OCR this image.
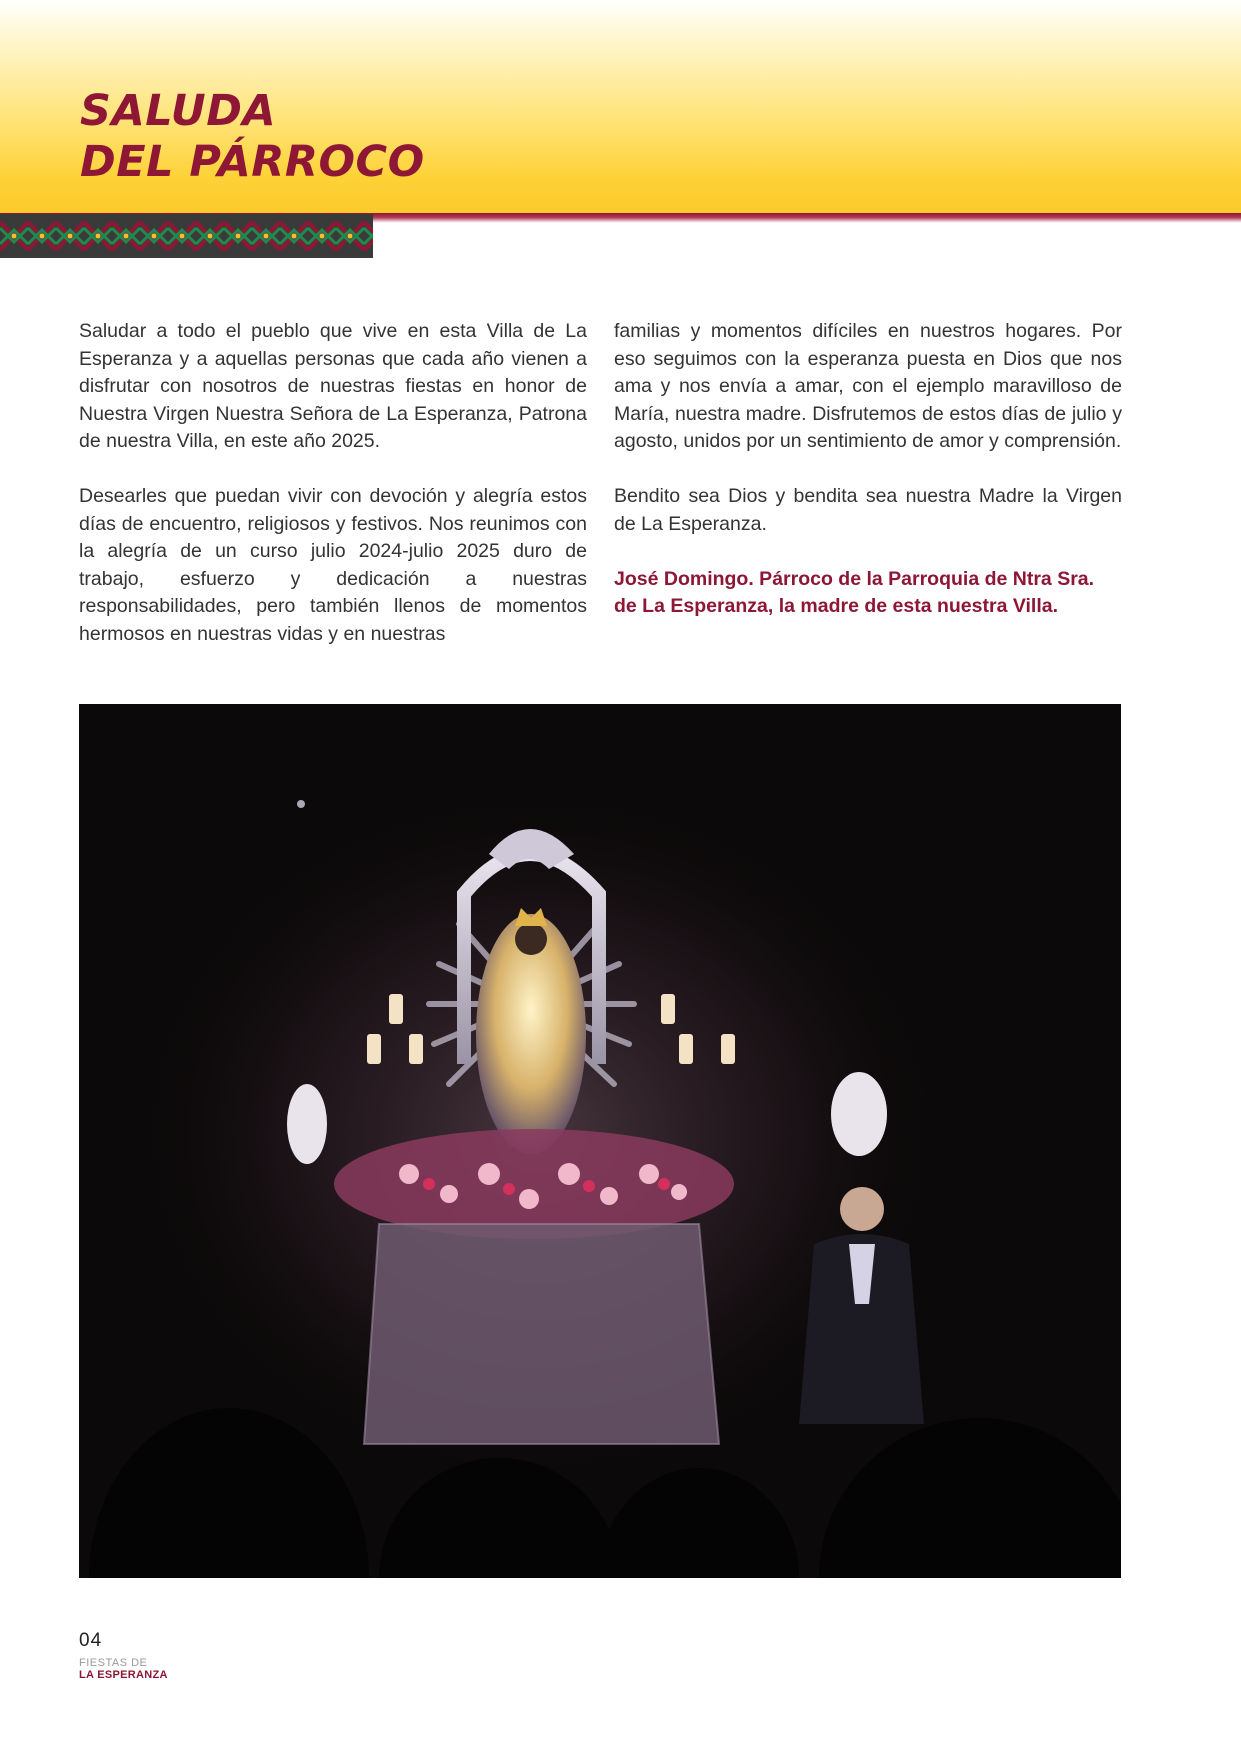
SALUDA
DEL PÁRROCO

Saludar a todo el pueblo que vive en esta Villa de La Esperanza y a aquellas personas que cada año vienen a disfrutar con nosotros de nuestras fiestas en honor de Nuestra Virgen Nuestra Señora de La Esperanza, Patrona de nuestra Villa, en este año 2025.

Desearles que puedan vivir con devoción y alegría estos días de encuentro, religiosos y festivos. Nos reunimos con la alegría de un curso julio 2024-julio 2025 duro de trabajo, esfuerzo y dedicación a nuestras responsabilidades, pero también llenos de momentos hermosos en nuestras vidas y en nuestras

familias y momentos difíciles en nuestros hogares. Por eso seguimos con la esperanza puesta en Dios que nos ama y nos envía a amar, con el ejemplo maravilloso de María, nuestra madre. Disfrutemos de estos días de julio y agosto, unidos por un sentimiento de amor y comprensión.

Bendito sea Dios y bendita sea nuestra Madre la Virgen de La Esperanza.

José Domingo. Párroco de la Parroquia de Ntra Sra. de La Esperanza, la madre de esta nuestra Villa.

04
FIESTAS DE
LA ESPERANZA
